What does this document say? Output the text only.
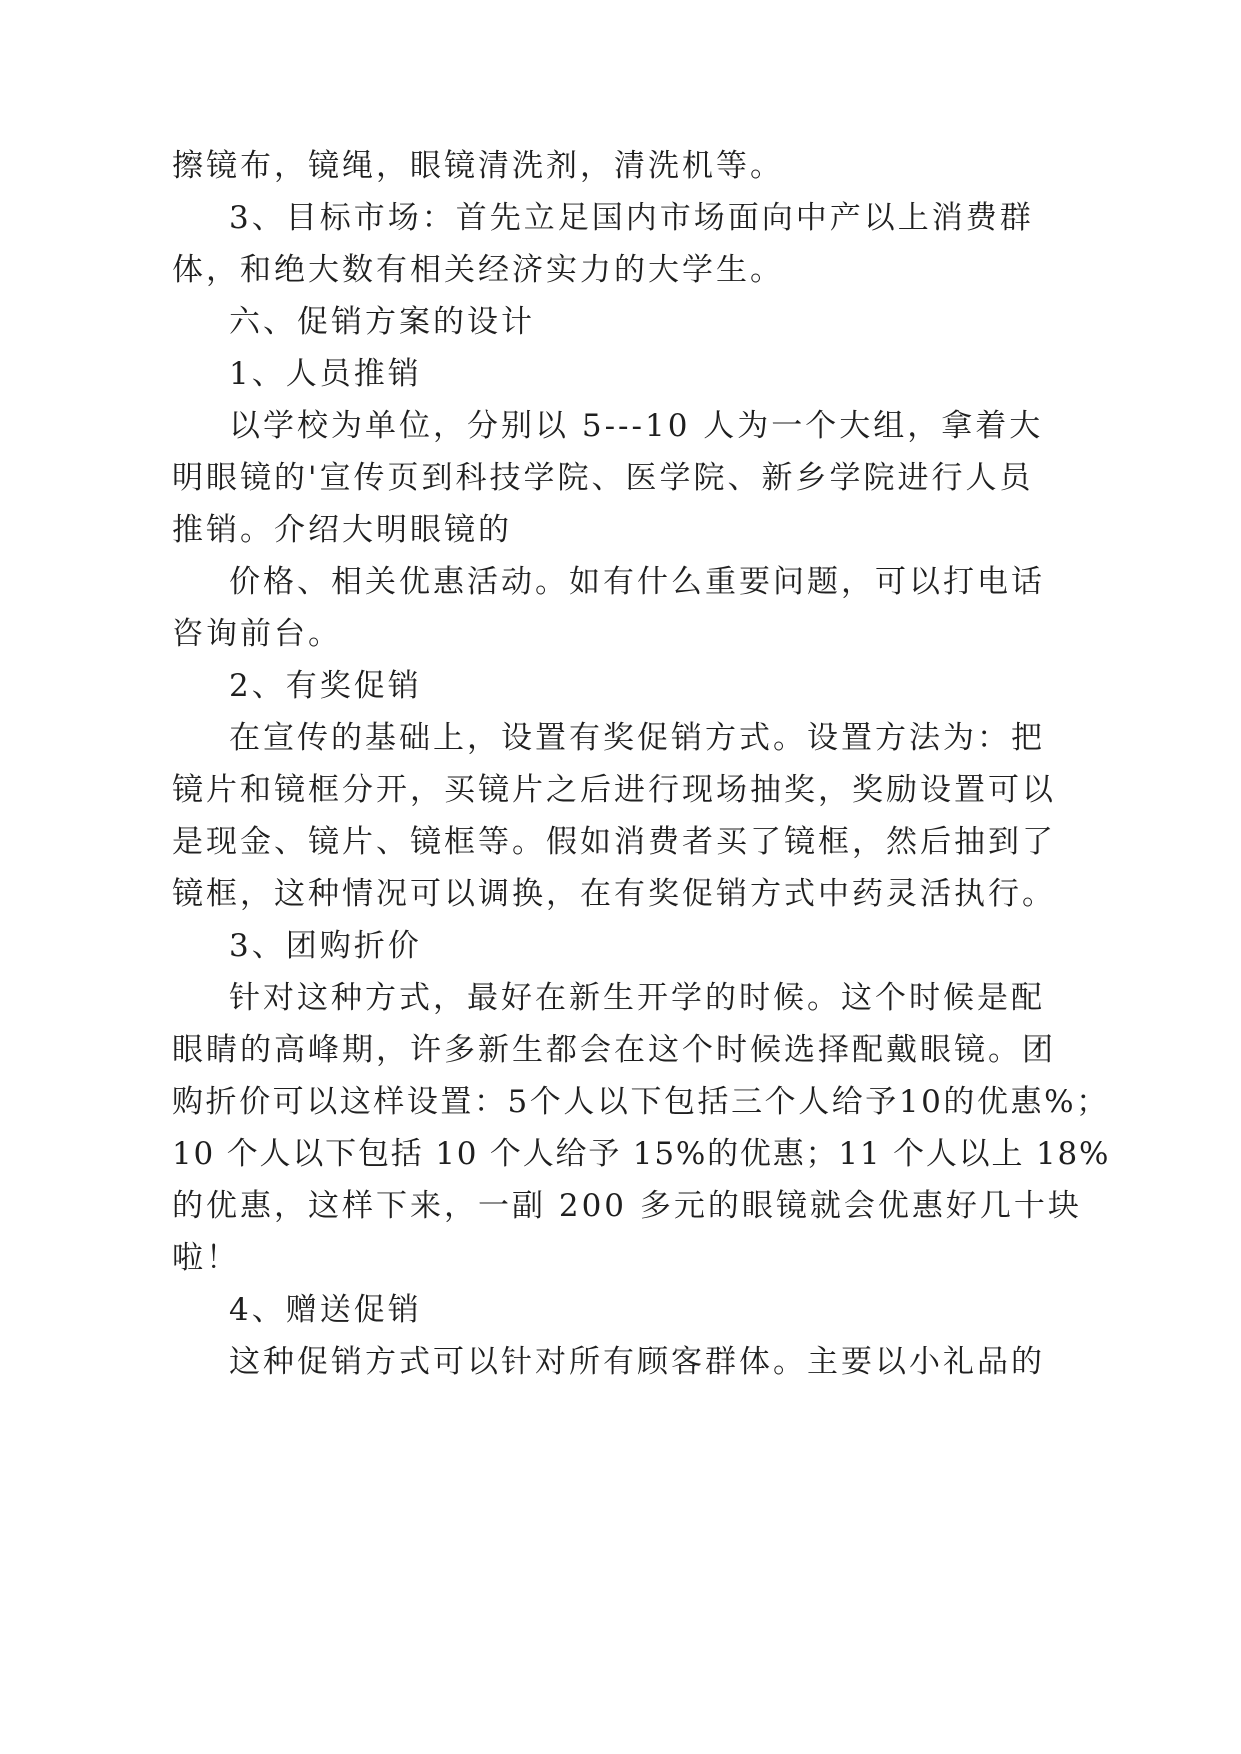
擦镜布，镜绳，眼镜清洗剂，清洗机等。

3、目标市场：首先立足国内市场面向中产以上消费群

体，和绝大数有相关经济实力的大学生。

六、促销方案的设计

1、人员推销

以学校为单位，分别以 5---10 人为一个大组，拿着大

明眼镜的'宣传页到科技学院、医学院、新乡学院进行人员

推销。介绍大明眼镜的

价格、相关优惠活动。如有什么重要问题，可以打电话

咨询前台。

2、有奖促销

在宣传的基础上，设置有奖促销方式。设置方法为：把

镜片和镜框分开，买镜片之后进行现场抽奖，奖励设置可以

是现金、镜片、镜框等。假如消费者买了镜框，然后抽到了

镜框，这种情况可以调换，在有奖促销方式中药灵活执行。

3、团购折价

针对这种方式，最好在新生开学的时候。这个时候是配

眼睛的高峰期，许多新生都会在这个时候选择配戴眼镜。团

购折价可以这样设置：5个人以下包括三个人给予10的优惠%；

10 个人以下包括 10 个人给予 15%的优惠；11 个人以上 18%

的优惠，这样下来，一副 200 多元的眼镜就会优惠好几十块

啦！

4、赠送促销

这种促销方式可以针对所有顾客群体。主要以小礼品的
